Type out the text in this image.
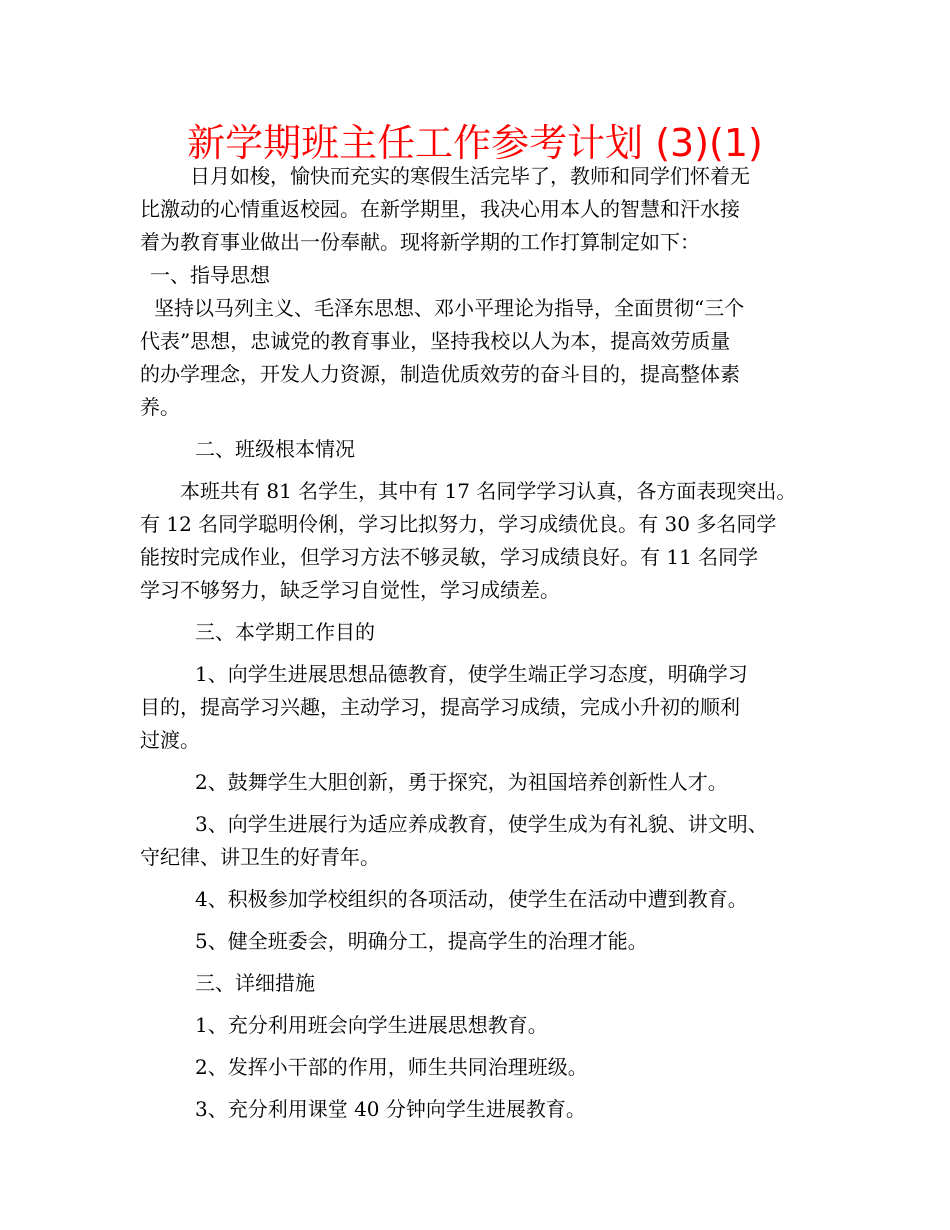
新学期班主任工作参考计划 (3)(1)

日月如梭，愉快而充实的寒假生活完毕了，教师和同学们怀着无

比激动的心情重返校园。在新学期里，我决心用本人的智慧和汗水接

着为教育事业做出一份奉献。现将新学期的工作打算制定如下：

一、指导思想

坚持以马列主义、毛泽东思想、邓小平理论为指导，全面贯彻“三个

代表”思想，忠诚党的教育事业，坚持我校以人为本，提高效劳质量

的办学理念，开发人力资源，制造优质效劳的奋斗目的，提高整体素

养。

二、班级根本情况

本班共有 81 名学生，其中有 17 名同学学习认真，各方面表现突出。

有 12 名同学聪明伶俐，学习比拟努力，学习成绩优良。有 30 多名同学

能按时完成作业，但学习方法不够灵敏，学习成绩良好。有 11 名同学

学习不够努力，缺乏学习自觉性，学习成绩差。

三、本学期工作目的

1、向学生进展思想品德教育，使学生端正学习态度，明确学习

目的，提高学习兴趣，主动学习，提高学习成绩，完成小升初的顺利

过渡。

2、鼓舞学生大胆创新，勇于探究，为祖国培养创新性人才。

3、向学生进展行为适应养成教育，使学生成为有礼貌、讲文明、

守纪律、讲卫生的好青年。

4、积极参加学校组织的各项活动，使学生在活动中遭到教育。

5、健全班委会，明确分工，提高学生的治理才能。

三、详细措施

1、充分利用班会向学生进展思想教育。

2、发挥小干部的作用，师生共同治理班级。

3、充分利用课堂 40 分钟向学生进展教育。
